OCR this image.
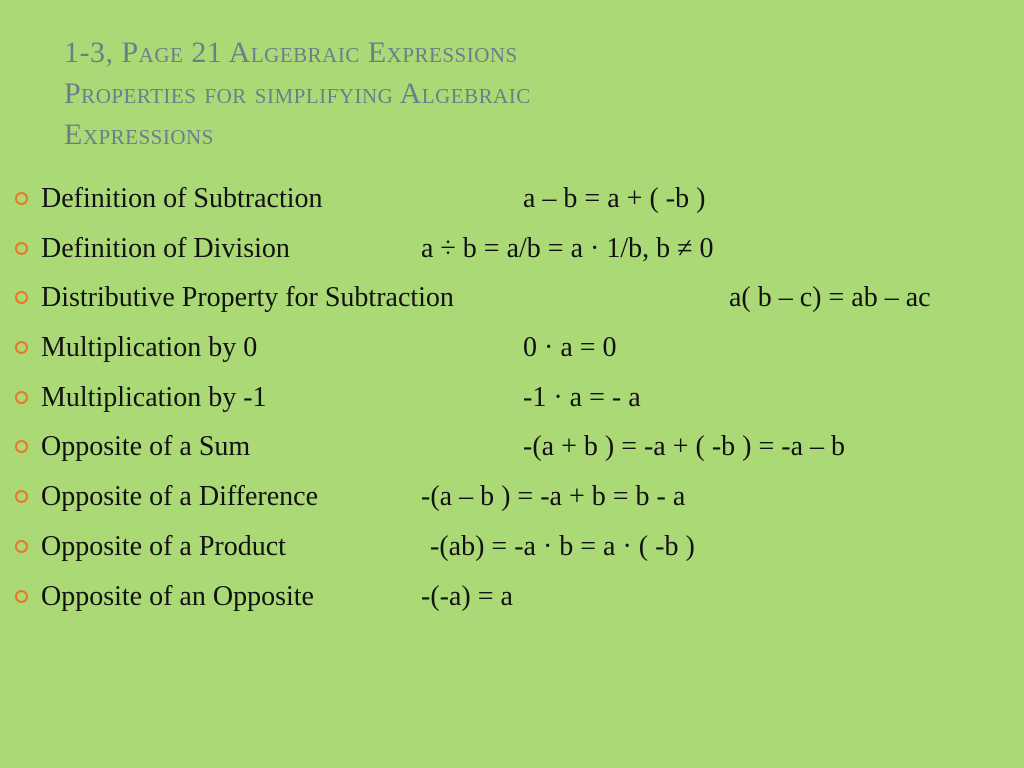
1-3, Page 21 Algebraic Expressions
Properties for simplifying Algebraic
Expressions
Definition of Subtraction	a – b = a + ( -b )
Definition of Division	a ÷ b = a/b = a · 1/b, b ≠ 0
Distributive Property for Subtraction	a( b – c) = ab – ac
Multiplication by 0	0 · a = 0
Multiplication by -1	-1 · a = - a
Opposite of a Sum	-(a + b ) = -a + ( -b ) = -a – b
Opposite of a Difference	-(a – b ) = -a + b = b - a
Opposite of a Product	-(ab) = -a · b = a · ( -b )
Opposite of an Opposite	-(-a) = a
